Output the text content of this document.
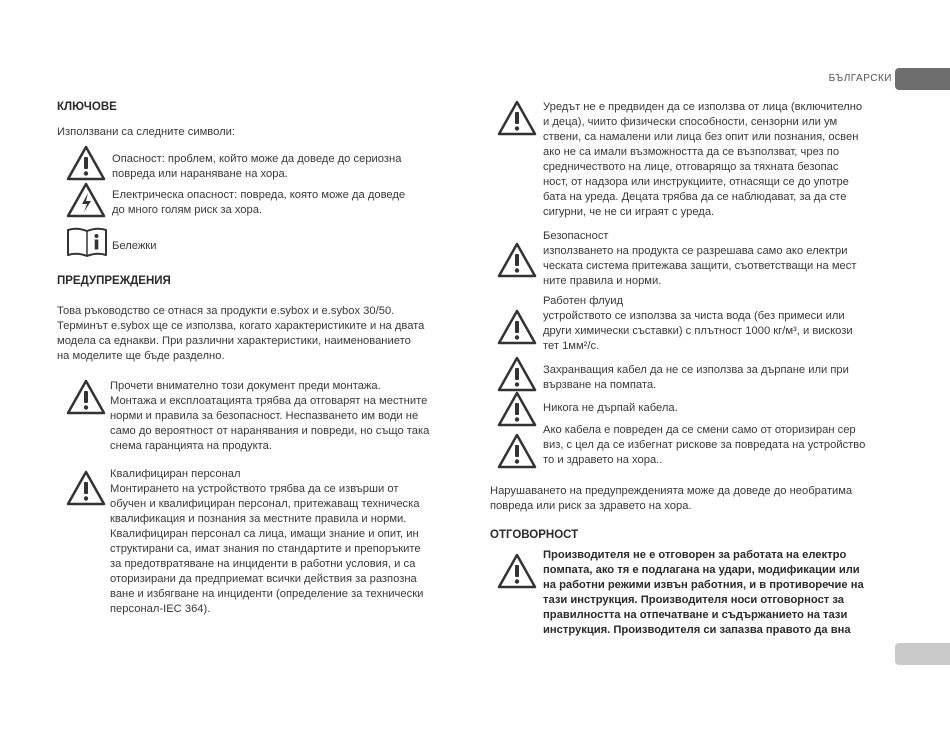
БЪЛГАРСКИ
КЛЮЧОВЕ
Използвани са следните символи:
Опасност: проблем, който може да доведе до сериозна
повреда или нараняване на хора.
Електрическа опасност: повреда, която може да доведе
до много голям риск за хора.
Бележки
ПРЕДУПРЕЖДЕНИЯ
Това ръководство се отнася за продукти e.sybox и e.sybox 30/50.
Терминът e.sybox ще се използва, когато характеристиките и на двата
модела са еднакви. При различни характеристики, наименованието
на моделите ще бъде разделно.
Прочети внимателно този документ преди монтажа.
Монтажа и експлоатацията трябва да отговарят на местните
норми и правила за безопасност. Неспазването им води не
само до вероятност от наранявания и повреди, но също така
снема гаранцията на продукта.
Квалифициран персонал
Монтирането на устройството трябва да се извърши от
обучен и квалифициран персонал, притежаващ техническа
квалификация и познания за местните правила и норми.
Квалифициран персонал са лица, имащи знание и опит, ин
структирани са, имат знания по стандартите и препоръките
за предотвратяване на инциденти в работни условия, и са
оторизирани да предприемат всички действия за разпозна
ване и избягване на инциденти (определение за технически
персонал-IEC 364).
Уредът не е предвиден да се използва от лица (включително
и деца), чиито физически способности, сензорни или ум
ствени, са намалени или лица без опит или познания, освен
ако не са имали възможността да се възползват, чрез по
средничеството на лице, отговарящо за тяхната безопас
ност, от надзора или инструкциите, отнасящи се до употре
бата на уреда. Децата трябва да се наблюдават, за да сте
сигурни, че не си играят с уреда.
Безопасност
използването на продукта се разрешава само ако електри
ческата система притежава защити, съответстващи на мест
ните правила и норми.
Работен флуид
устройството се използва за чиста вода (без примеси или
други химически съставки) с плътност 1000 кг/м³, и вискози
тет 1мм²/с.
Захранващия кабел да не се използва за дърпане или при
вързване на помпата.
Никога не дърпай кабела.
Ако кабела е повреден да се смени само от оторизиран сер
виз, с цел да се избегнат рискове за повредата на устройство
то и здравето на хора..
Нарушаването на предупрежденията може да доведе до необратима
повреда или риск за здравето на хора.
ОТГОВОРНОСТ
Производителя не е отговорен за работата на електро
помпата, ако тя е подлагана на удари, модификации или
на работни режими извън работния, и в противоречие на
тази инструкция. Производителя носи отговорност за
правилността на отпечатване и съдържанието на тази
инструкция. Производителя си запазва правото да вна
